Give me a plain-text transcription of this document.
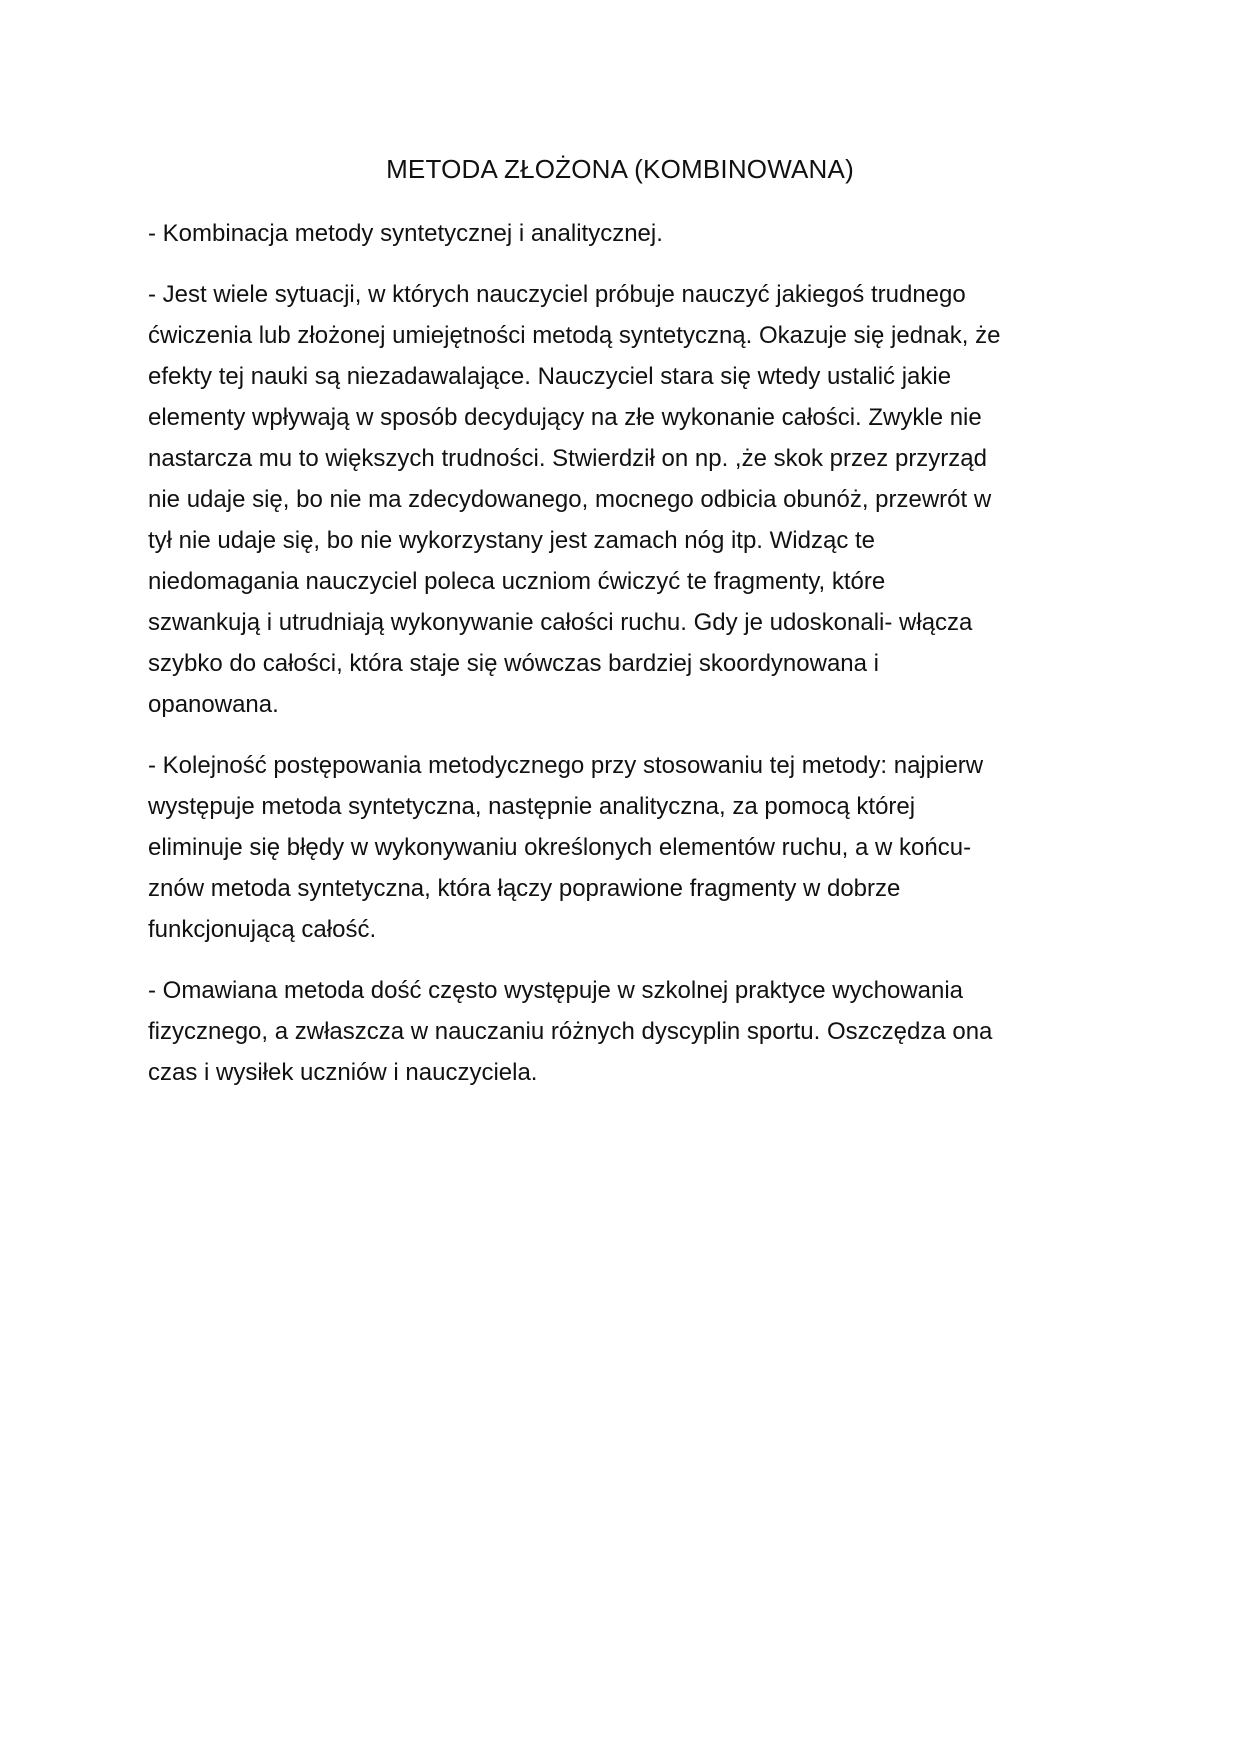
METODA ZŁOŻONA (KOMBINOWANA)

- Kombinacja metody syntetycznej i analitycznej.

- Jest wiele sytuacji, w których nauczyciel próbuje nauczyć jakiegoś trudnego
ćwiczenia lub złożonej umiejętności metodą syntetyczną. Okazuje się jednak, że
efekty tej nauki są niezadawalające. Nauczyciel stara się wtedy ustalić jakie
elementy wpływają w sposób decydujący na złe wykonanie całości. Zwykle nie
nastarcza mu to większych trudności. Stwierdził on np. ,że skok przez przyrząd
nie udaje się, bo nie ma zdecydowanego, mocnego odbicia obunóż, przewrót w
tył nie udaje się, bo nie wykorzystany jest zamach nóg itp. Widząc te
niedomagania nauczyciel poleca uczniom ćwiczyć te fragmenty, które
szwankują i utrudniają wykonywanie całości ruchu. Gdy je udoskonali- włącza
szybko do całości, która staje się wówczas bardziej skoordynowana i
opanowana.

- Kolejność postępowania metodycznego przy stosowaniu tej metody: najpierw
występuje metoda syntetyczna, następnie analityczna, za pomocą której
eliminuje się błędy w wykonywaniu określonych elementów ruchu, a w końcu-
znów metoda syntetyczna, która łączy poprawione fragmenty w dobrze
funkcjonującą całość.

- Omawiana metoda dość często występuje w szkolnej praktyce wychowania
fizycznego, a zwłaszcza w nauczaniu różnych dyscyplin sportu. Oszczędza ona
czas i wysiłek uczniów i nauczyciela.
